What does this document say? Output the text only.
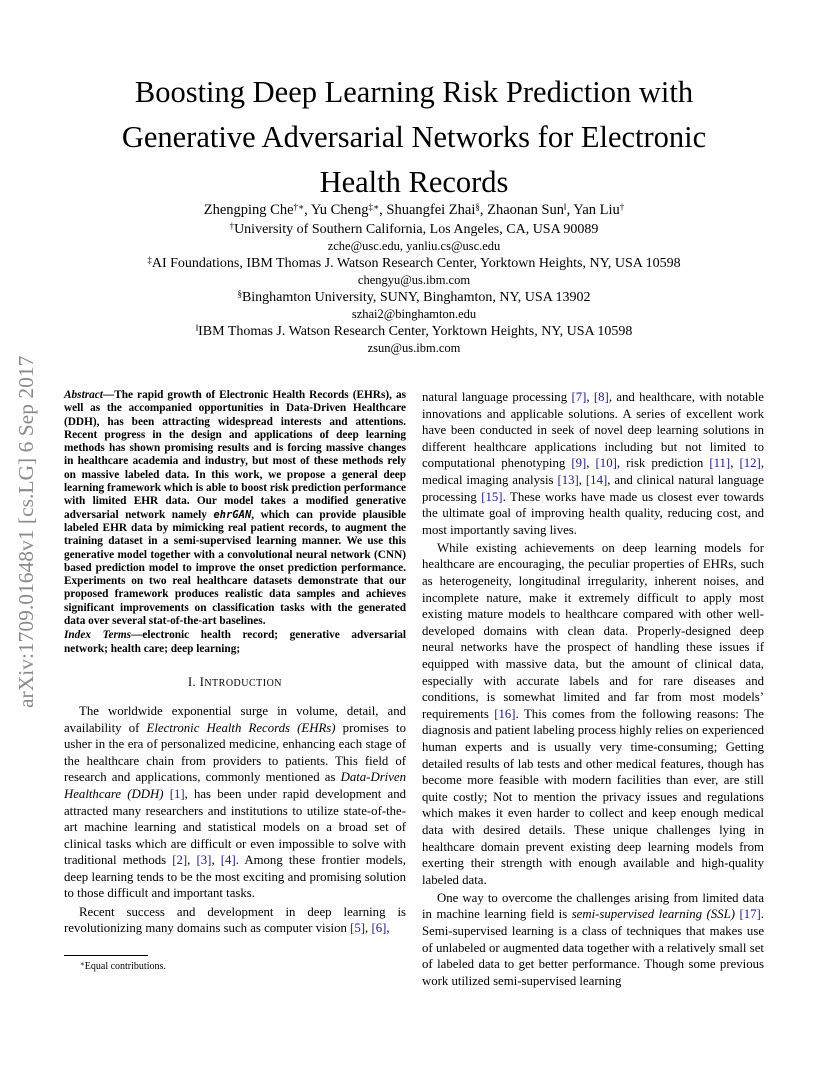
arXiv:1709.01648v1 [cs.LG] 6 Sep 2017
Boosting Deep Learning Risk Prediction with Generative Adversarial Networks for Electronic Health Records
Zhengping Che†∗, Yu Cheng‡∗, Shuangfei Zhai§, Zhaonan Sun‖, Yan Liu†
†University of Southern California, Los Angeles, CA, USA 90089
zche@usc.edu, yanliu.cs@usc.edu
‡AI Foundations, IBM Thomas J. Watson Research Center, Yorktown Heights, NY, USA 10598
chengyu@us.ibm.com
§Binghamton University, SUNY, Binghamton, NY, USA 13902
szhai2@binghamton.edu
‖IBM Thomas J. Watson Research Center, Yorktown Heights, NY, USA 10598
zsun@us.ibm.com

Abstract—The rapid growth of Electronic Health Records (EHRs), as well as the accompanied opportunities in Data-Driven Healthcare (DDH), has been attracting widespread interests and attentions. Recent progress in the design and applications of deep learning methods has shown promising results and is forcing massive changes in healthcare academia and industry, but most of these methods rely on massive labeled data. In this work, we propose a general deep learning framework which is able to boost risk prediction performance with limited EHR data. Our model takes a modified generative adversarial network namely ehrGAN, which can provide plausible labeled EHR data by mimicking real patient records, to augment the training dataset in a semi-supervised learning manner. We use this generative model together with a convolutional neural network (CNN) based prediction model to improve the onset prediction performance. Experiments on two real healthcare datasets demonstrate that our proposed framework produces realistic data samples and achieves significant improvements on classification tasks with the generated data over several stat-of-the-art baselines.

Index Terms—electronic health record; generative adversarial network; health care; deep learning;

I. INTRODUCTION

The worldwide exponential surge in volume, detail, and availability of Electronic Health Records (EHRs) promises to usher in the era of personalized medicine, enhancing each stage of the healthcare chain from providers to patients. This field of research and applications, commonly mentioned as Data-Driven Healthcare (DDH) [1], has been under rapid development and attracted many researchers and institutions to utilize state-of-the-art machine learning and statistical models on a broad set of clinical tasks which are difficult or even impossible to solve with traditional methods [2], [3], [4]. Among these frontier models, deep learning tends to be the most exciting and promising solution to those difficult and important tasks.

Recent success and development in deep learning is revolutionizing many domains such as computer vision [5], [6],

natural language processing [7], [8], and healthcare, with notable innovations and applicable solutions. A series of excellent work have been conducted in seek of novel deep learning solutions in different healthcare applications including but not limited to computational phenotyping [9], [10], risk prediction [11], [12], medical imaging analysis [13], [14], and clinical natural language processing [15]. These works have made us closest ever towards the ultimate goal of improving health quality, reducing cost, and most importantly saving lives.

While existing achievements on deep learning models for healthcare are encouraging, the peculiar properties of EHRs, such as heterogeneity, longitudinal irregularity, inherent noises, and incomplete nature, make it extremely difficult to apply most existing mature models to healthcare compared with other well-developed domains with clean data. Properly-designed deep neural networks have the prospect of handling these issues if equipped with massive data, but the amount of clinical data, especially with accurate labels and for rare diseases and conditions, is somewhat limited and far from most models’ requirements [16]. This comes from the following reasons: The diagnosis and patient labeling process highly relies on experienced human experts and is usually very time-consuming; Getting detailed results of lab tests and other medical features, though has become more feasible with modern facilities than ever, are still quite costly; Not to mention the privacy issues and regulations which makes it even harder to collect and keep enough medical data with desired details. These unique challenges lying in healthcare domain prevent existing deep learning models from exerting their strength with enough available and high-quality labeled data.

One way to overcome the challenges arising from limited data in machine learning field is semi-supervised learning (SSL) [17]. Semi-supervised learning is a class of techniques that makes use of unlabeled or augmented data together with a relatively small set of labeled data to get better performance. Though some previous work utilized semi-supervised learning

∗Equal contributions.
